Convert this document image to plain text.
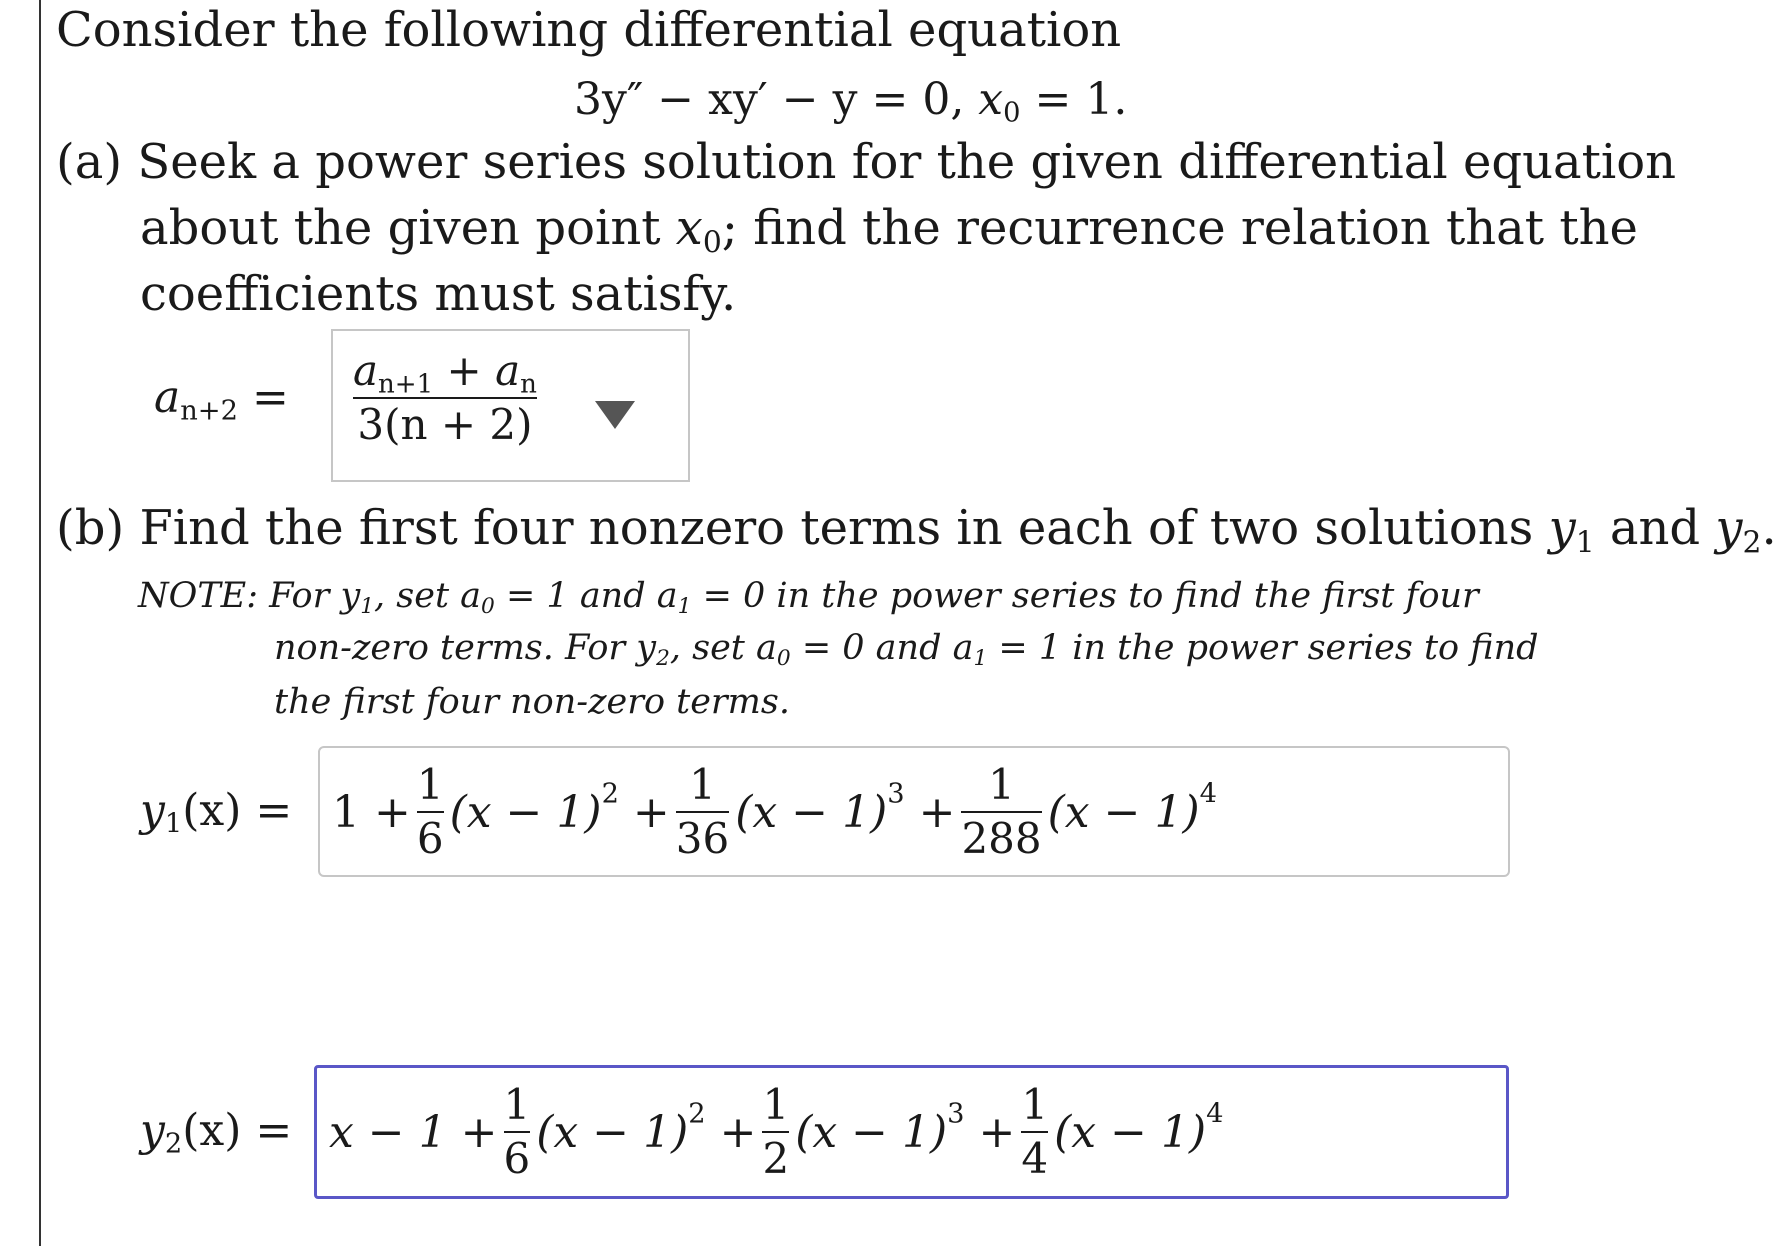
Consider the following differential equation
3y″ − xy′ − y = 0, $x_0 = 1$.
(a) Seek a power series solution for the given differential equation
about the given point $x_0$; find the recurrence relation that the
coefficients must satisfy.
$a_{n+2} = \frac{a_{n+1} + a_n}{3(n + 2)}$
(b) Find the first four nonzero terms in each of two solutions $y_1$ and $y_2$.
NOTE: For $y_1$, set $a_0 = 1$ and $a_1 = 0$ in the power series to find the first four
non-zero terms. For $y_2$, set $a_0 = 0$ and $a_1 = 1$ in the power series to find
the first four non-zero terms.
$y_1(x) = 1 + \frac{1}{6} (x - 1)^2 + \frac{1}{36} (x - 1)^3 + \frac{1}{288} (x - 1)^4$
$y_2(x) = x - 1 + \frac{1}{6} (x - 1)^2 + \frac{1}{2} (x - 1)^3 + \frac{1}{4} (x - 1)^4$
